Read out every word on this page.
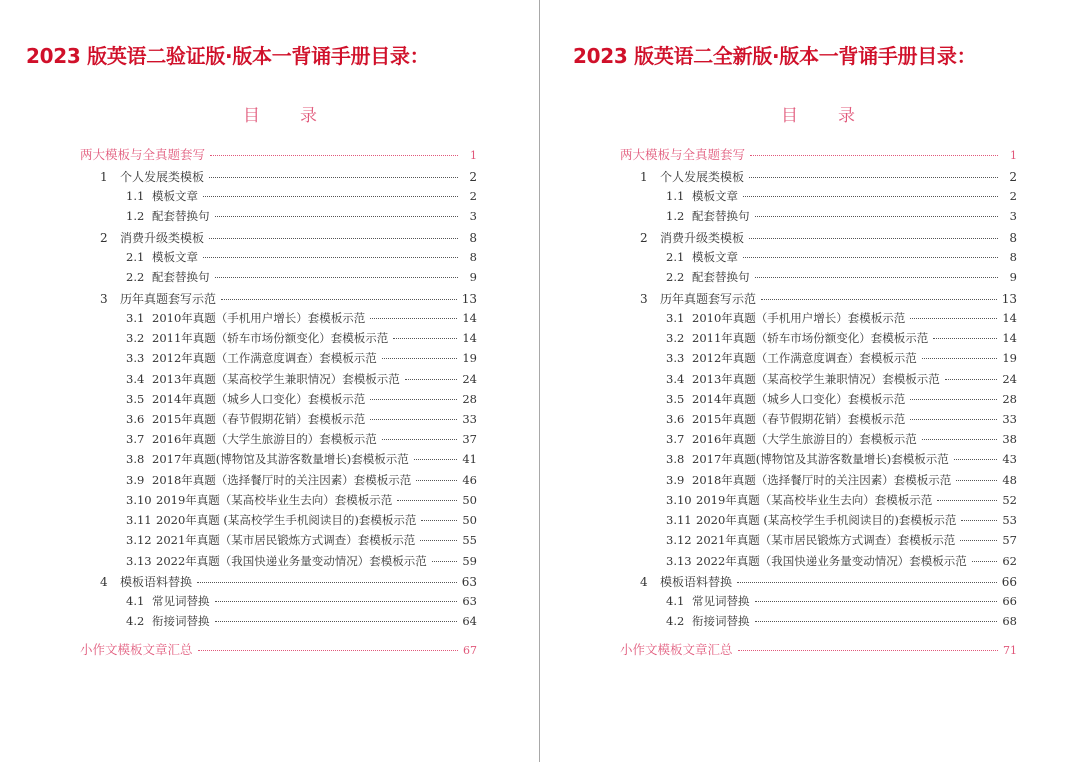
2023 版英语二验证版·版本一背诵手册目录：
目录
两大模板与全真题套写	1
1	个人发展类模板	2
1.1 模板文章	2
1.2 配套替换句	3
2	消费升级类模板	8
2.1 模板文章	8
2.2 配套替换句	9
3	历年真题套写示范	13
3.1 2010年真题（手机用户增长）套模板示范	14
3.2 2011年真题（轿车市场份额变化）套模板示范	14
3.3 2012年真题（工作满意度调查）套模板示范	19
3.4 2013年真题（某高校学生兼职情况）套模板示范	24
3.5 2014年真题（城乡人口变化）套模板示范	28
3.6 2015年真题（春节假期花销）套模板示范	33
3.7 2016年真题（大学生旅游目的）套模板示范	37
3.8 2017年真题(博物馆及其游客数量增长)套模板示范	41
3.9 2018年真题（选择餐厅时的关注因素）套模板示范	46
3.10 2019年真题（某高校毕业生去向）套模板示范	50
3.11 2020年真题 (某高校学生手机阅读目的)套模板示范	50
3.12 2021年真题（某市居民锻炼方式调查）套模板示范	55
3.13 2022年真题（我国快递业务量变动情况）套模板示范	59
4	模板语料替换	63
4.1 常见词替换	63
4.2 衔接词替换	64
小作文模板文章汇总	67
2023 版英语二全新版·版本一背诵手册目录：
目录
两大模板与全真题套写	1
1	个人发展类模板	2
1.1 模板文章	2
1.2 配套替换句	3
2	消费升级类模板	8
2.1 模板文章	8
2.2 配套替换句	9
3	历年真题套写示范	13
3.1 2010年真题（手机用户增长）套模板示范	14
3.2 2011年真题（轿车市场份额变化）套模板示范	14
3.3 2012年真题（工作满意度调查）套模板示范	19
3.4 2013年真题（某高校学生兼职情况）套模板示范	24
3.5 2014年真题（城乡人口变化）套模板示范	28
3.6 2015年真题（春节假期花销）套模板示范	33
3.7 2016年真题（大学生旅游目的）套模板示范	38
3.8 2017年真题(博物馆及其游客数量增长)套模板示范	43
3.9 2018年真题（选择餐厅时的关注因素）套模板示范	48
3.10 2019年真题（某高校毕业生去向）套模板示范	52
3.11 2020年真题 (某高校学生手机阅读目的)套模板示范	53
3.12 2021年真题（某市居民锻炼方式调查）套模板示范	57
3.13 2022年真题（我国快递业务量变动情况）套模板示范	62
4	模板语料替换	66
4.1 常见词替换	66
4.2 衔接词替换	68
小作文模板文章汇总	71
